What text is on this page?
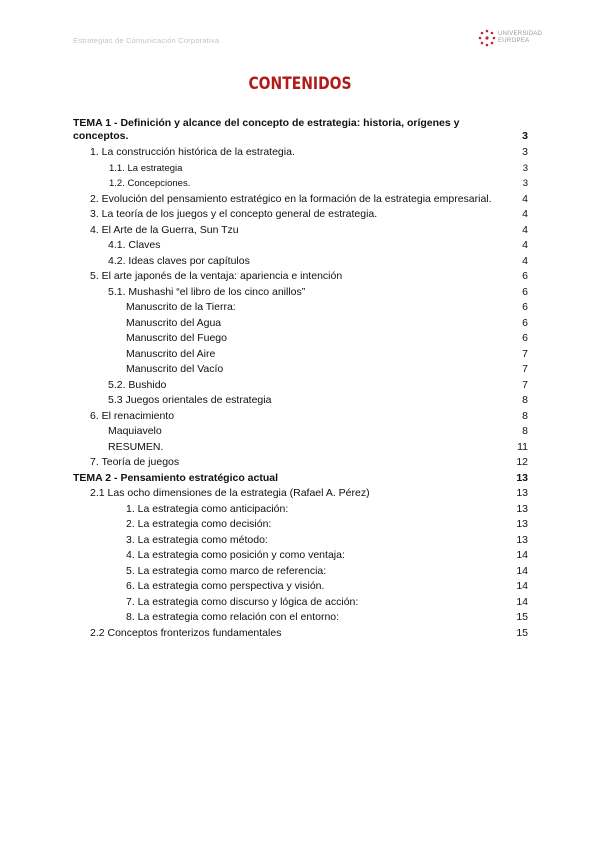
Estrategias de Comunicación Corporativa
UNIVERSIDAD
EUROPEA
CONTENIDOS
TEMA 1 - Definición y alcance del concepto de estrategia: historia, orígenes y conceptos.	3
1. La construcción histórica de la estrategia.	3
1.1. La estrategia	3
1.2. Concepciones.	3
2. Evolución del pensamiento estratégico en la formación de la estrategia empresarial.	4
3. La teoría de los juegos y el concepto general de estrategia.	4
4. El Arte de la Guerra, Sun Tzu	4
4.1. Claves	4
4.2. Ideas claves por capítulos	4
5. El arte japonés de la ventaja: apariencia e intención	6
5.1. Mushashi “el libro de los cinco anillos”	6
Manuscrito de la Tierra:	6
Manuscrito del Agua	6
Manuscrito del Fuego	6
Manuscrito del Aire	7
Manuscrito del Vacío	7
5.2. Bushido	7
5.3 Juegos orientales de estrategia	8
6. El renacimiento	8
Maquiavelo	8
RESUMEN.	11
7. Teoría de juegos	12
TEMA 2 - Pensamiento estratégico actual	13
2.1 Las ocho dimensiones de la estrategia (Rafael A. Pérez)	13
1. La estrategia como anticipación:	13
2. La estrategia como decisión:	13
3. La estrategia como método:	13
4. La estrategia como posición y como ventaja:	14
5. La estrategia como marco de referencia:	14
6. La estrategia como perspectiva y visión.	14
7. La estrategia como discurso y lógica de acción:	14
8. La estrategia como relación con el entorno:	15
2.2 Conceptos fronterizos fundamentales	15
